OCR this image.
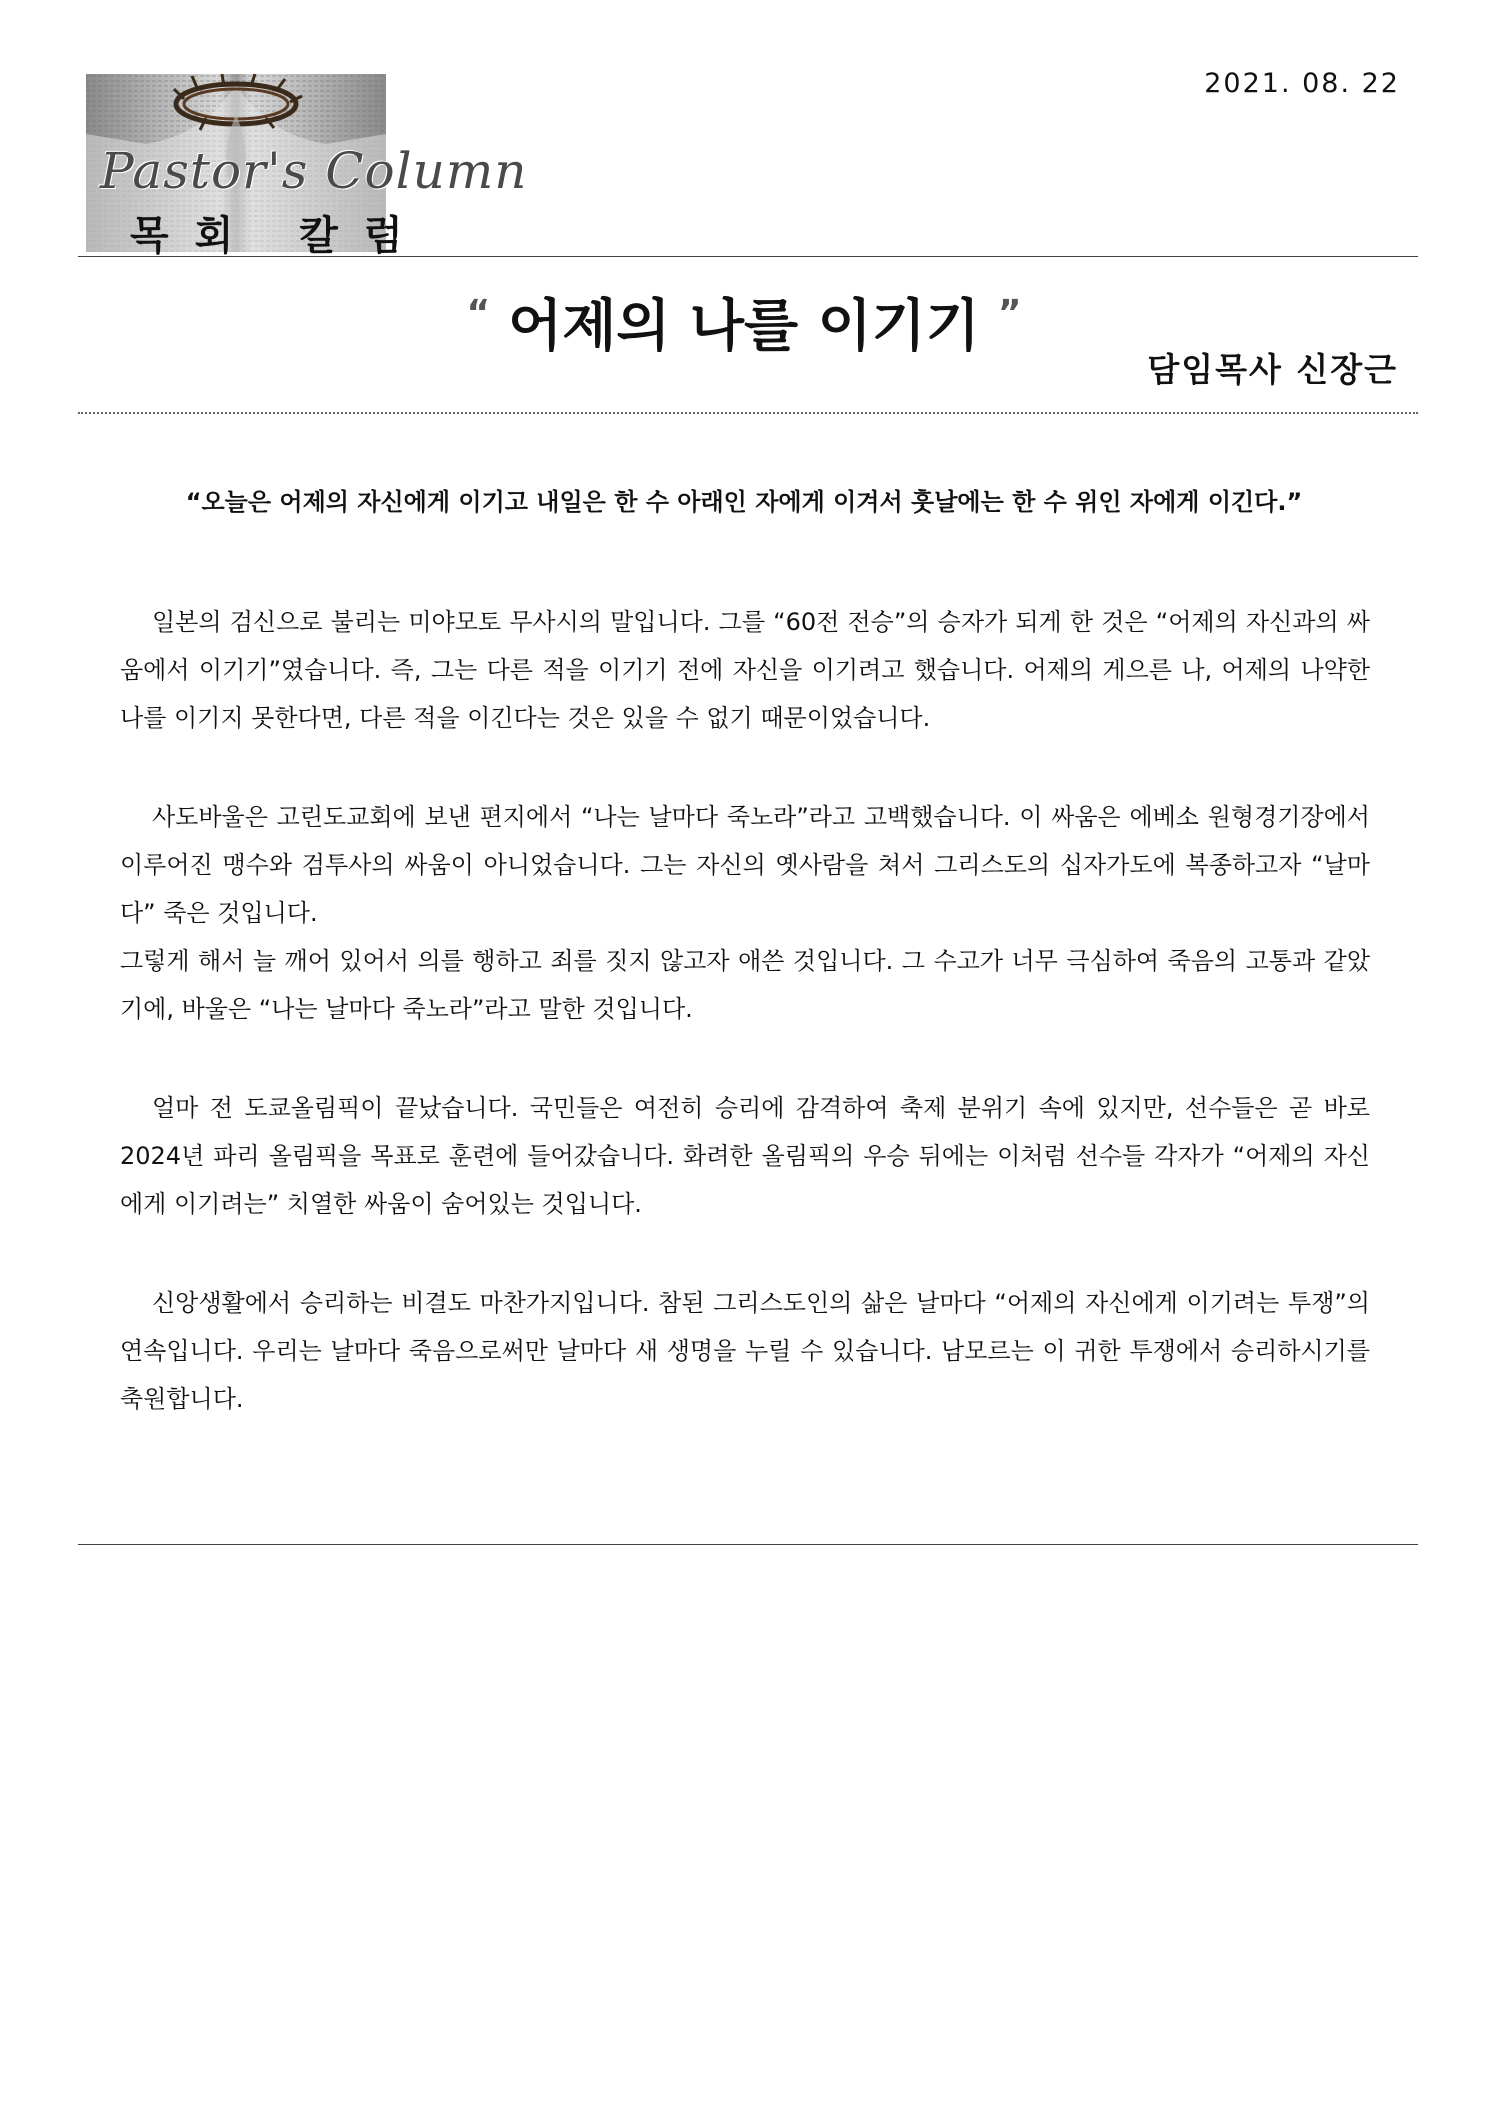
2021. 08. 22
Pastor's Column
목회 칼럼
“ 어제의 나를 이기기 ”
담임목사 신장근
“오늘은 어제의 자신에게 이기고 내일은 한 수 아래인 자에게 이겨서 훗날에는 한 수 위인 자에게 이긴다.”

일본의 검신으로 불리는 미야모토 무사시의 말입니다. 그를 “60전 전승”의 승자가 되게 한 것은 “어제의 자신과의 싸움에서 이기기”였습니다. 즉, 그는 다른 적을 이기기 전에 자신을 이기려고 했습니다. 어제의 게으른 나, 어제의 나약한 나를 이기지 못한다면, 다른 적을 이긴다는 것은 있을 수 없기 때문이었습니다.

사도바울은 고린도교회에 보낸 편지에서 “나는 날마다 죽노라”라고 고백했습니다. 이 싸움은 에베소 원형경기장에서 이루어진 맹수와 검투사의 싸움이 아니었습니다. 그는 자신의 옛사람을 쳐서 그리스도의 십자가도에 복종하고자 “날마다” 죽은 것입니다.

그렇게 해서 늘 깨어 있어서 의를 행하고 죄를 짓지 않고자 애쓴 것입니다. 그 수고가 너무 극심하여 죽음의 고통과 같았기에, 바울은 “나는 날마다 죽노라”라고 말한 것입니다.

얼마 전 도쿄올림픽이 끝났습니다. 국민들은 여전히 승리에 감격하여 축제 분위기 속에 있지만, 선수들은 곧 바로 2024년 파리 올림픽을 목표로 훈련에 들어갔습니다. 화려한 올림픽의 우승 뒤에는 이처럼 선수들 각자가 “어제의 자신에게 이기려는” 치열한 싸움이 숨어있는 것입니다.

신앙생활에서 승리하는 비결도 마찬가지입니다. 참된 그리스도인의 삶은 날마다 “어제의 자신에게 이기려는 투쟁”의 연속입니다. 우리는 날마다 죽음으로써만 날마다 새 생명을 누릴 수 있습니다. 남모르는 이 귀한 투쟁에서 승리하시기를 축원합니다.
